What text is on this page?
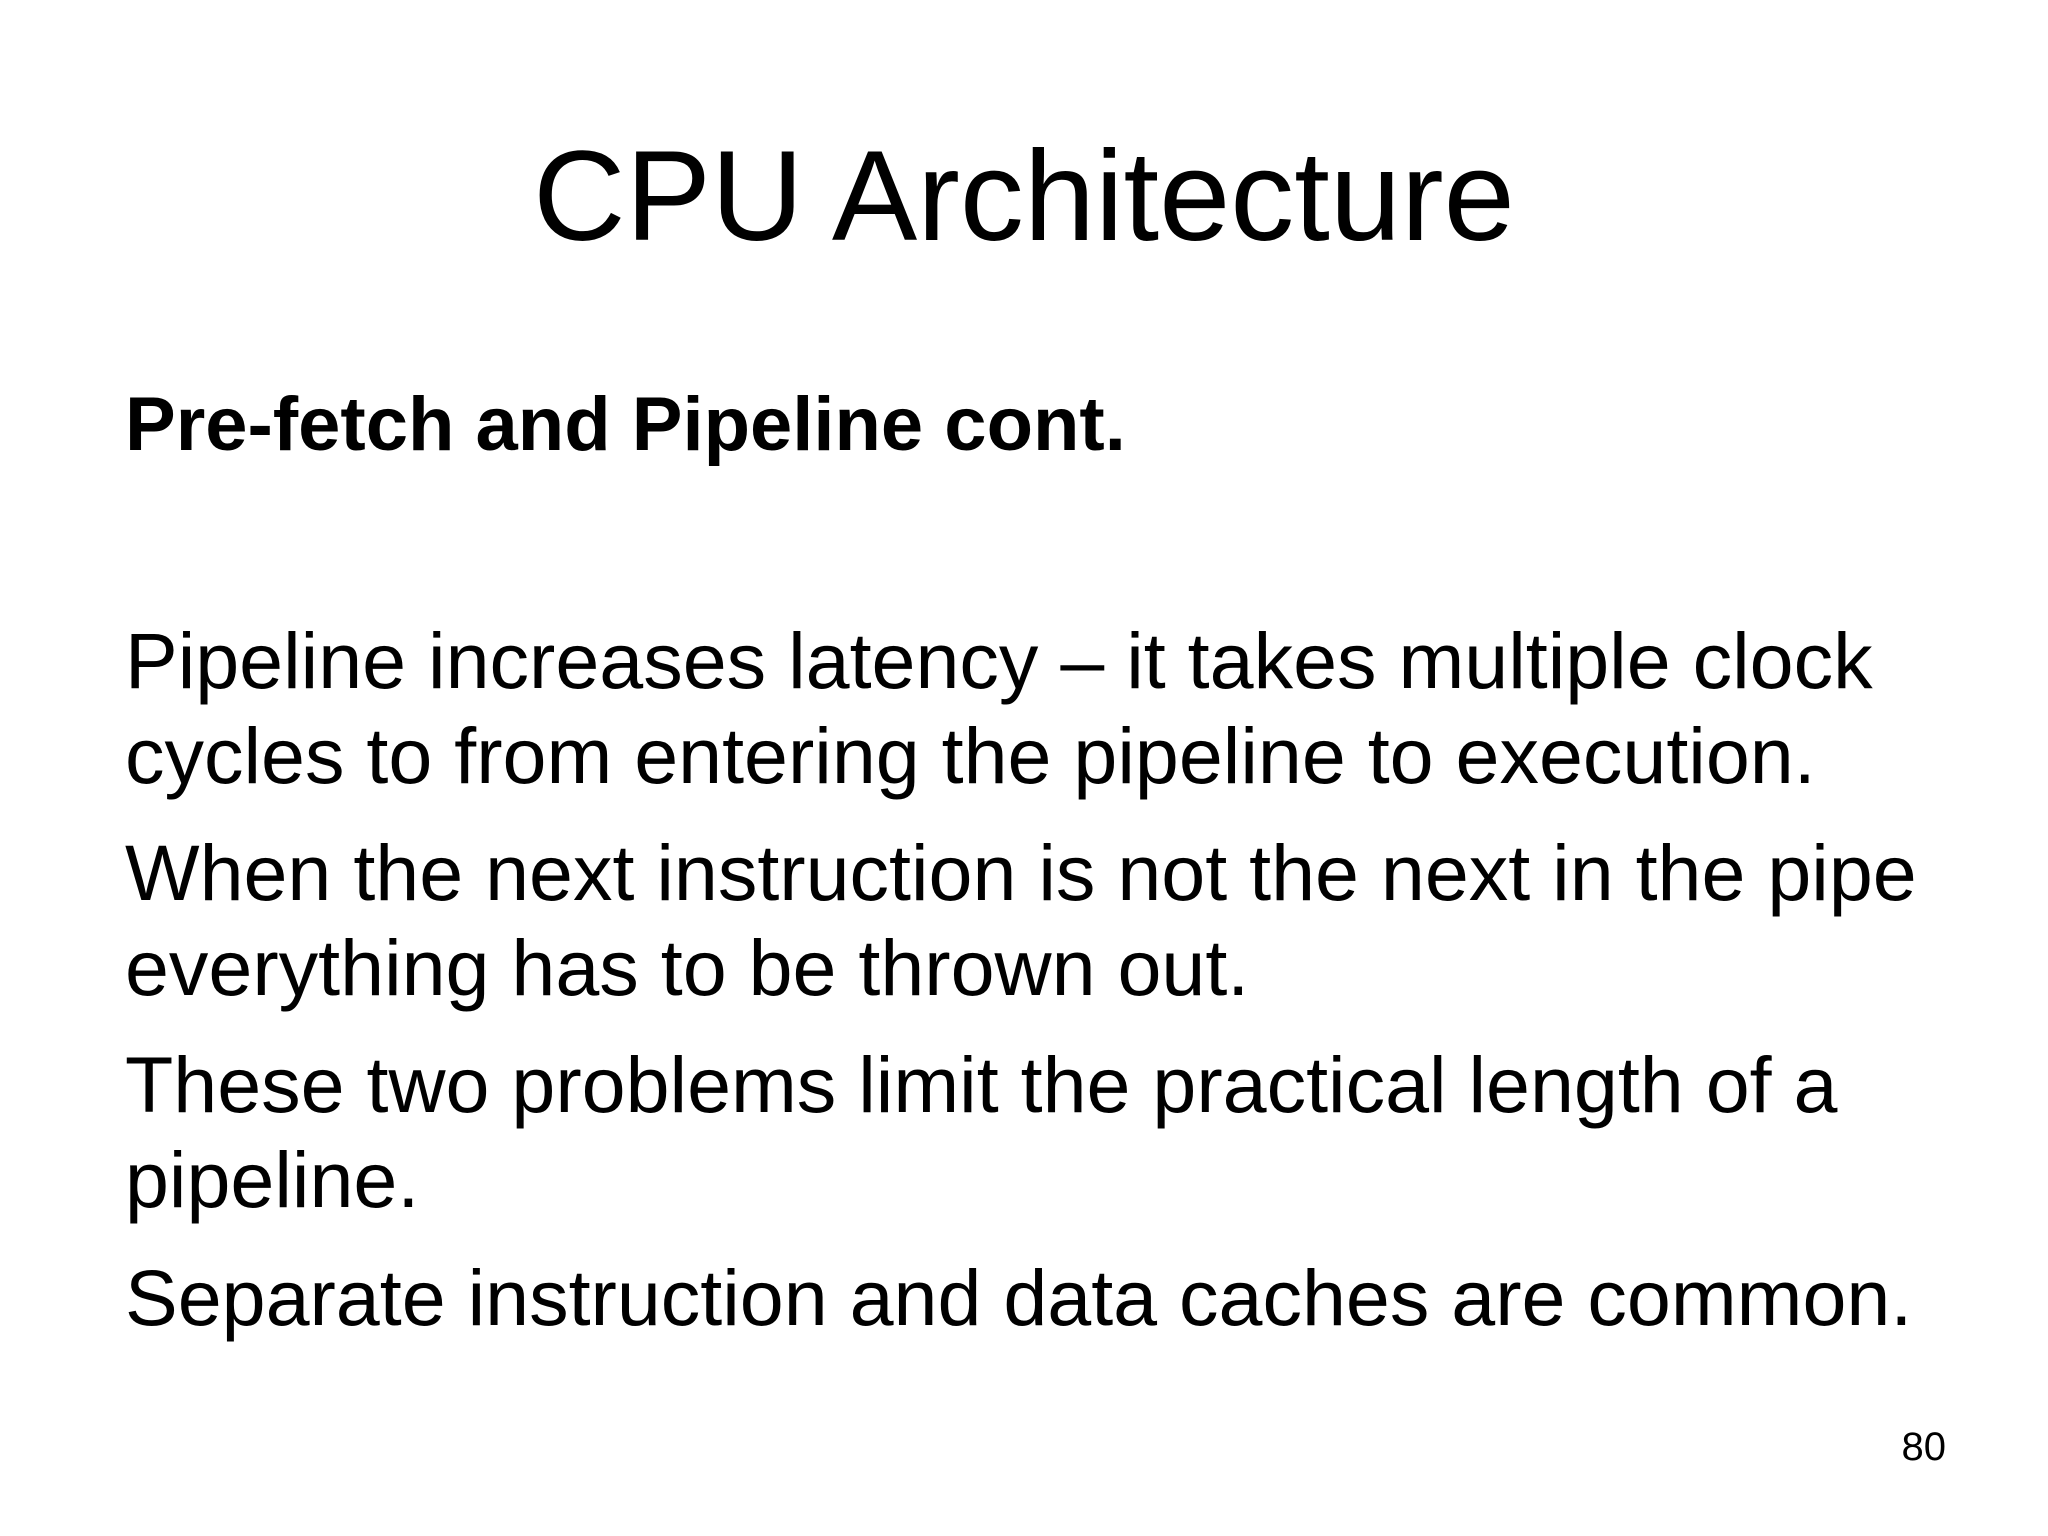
CPU Architecture

Pre-fetch and Pipeline cont.

Pipeline increases latency – it takes multiple clock cycles to from entering the pipeline to execution.

When the next instruction is not the next in the pipe everything has to be thrown out.

These two problems limit the practical length of a pipeline.

Separate instruction and data caches are common.

80
